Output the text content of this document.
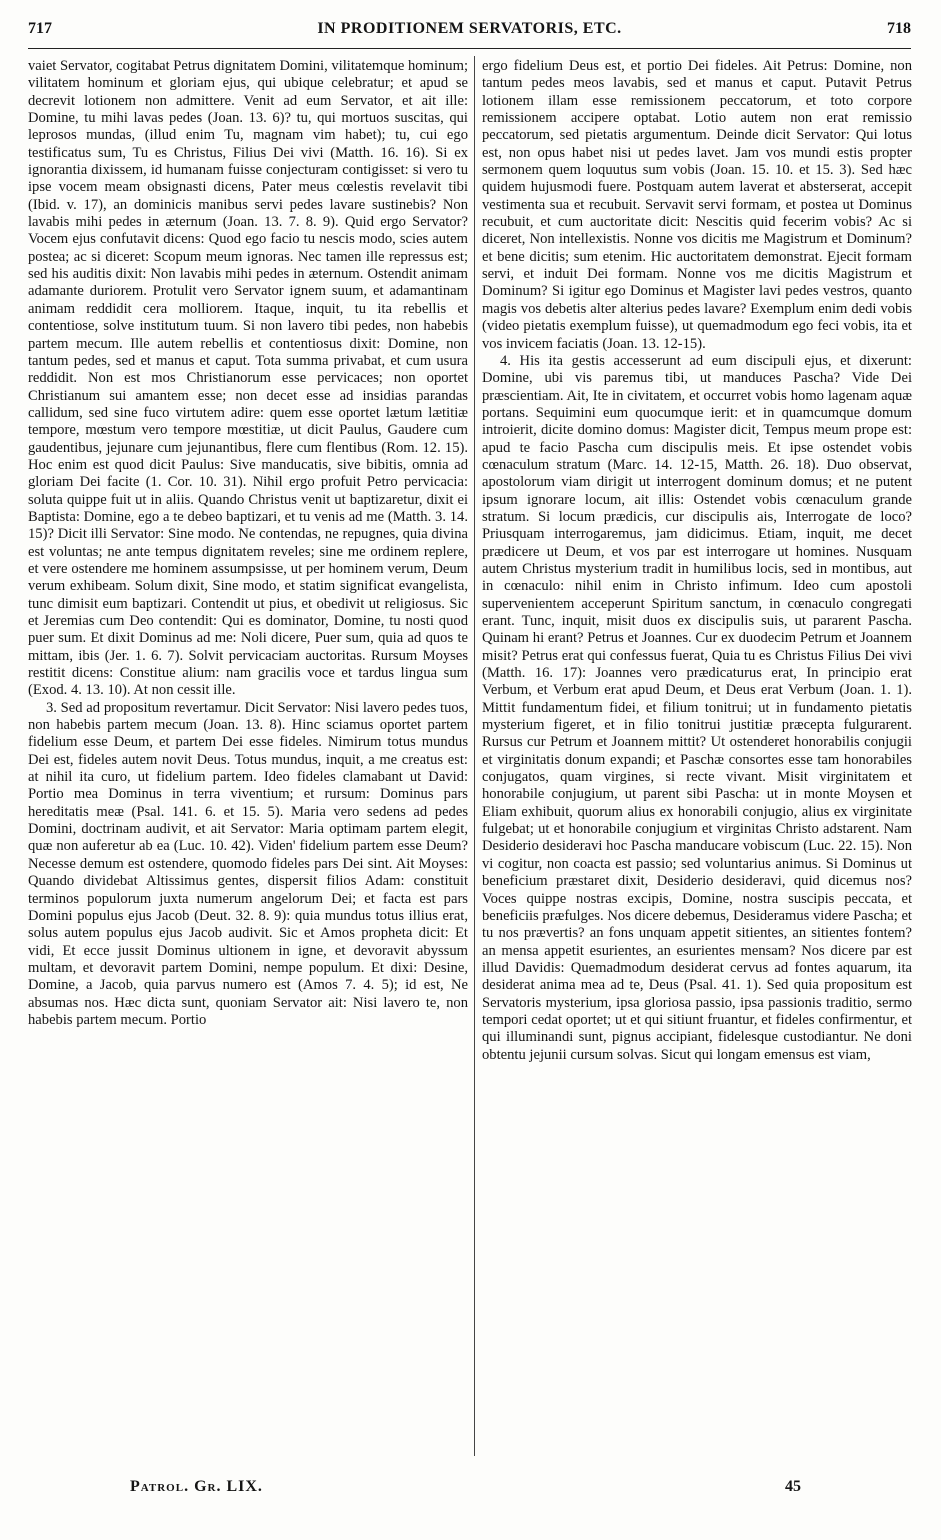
717	IN PRODITIONEM SERVATORIS, ETC.	718

vaiet Servator, cogitabat Petrus dignitatem Domini, vilitatemque hominum; vilitatem hominum et gloriam ejus, qui ubique celebratur; et apud se decrevit lotionem non admittere. Venit ad eum Servator, et ait ille: Domine, tu mihi lavas pedes (Joan. 13. 6)? tu, qui mortuos suscitas, qui leprosos mundas, (illud enim Tu, magnam vim habet); tu, cui ego testificatus sum, Tu es Christus, Filius Dei vivi (Matth. 16. 16). Si ex ignorantia dixissem, id humanam fuisse conjecturam contigisset: si vero tu ipse vocem meam obsignasti dicens, Pater meus cœlestis revelavit tibi (Ibid. v. 17), an dominicis manibus servi pedes lavare sustinebis? Non lavabis mihi pedes in æternum (Joan. 13. 7. 8. 9). Quid ergo Servator? Vocem ejus confutavit dicens: Quod ego facio tu nescis modo, scies autem postea; ac si diceret: Scopum meum ignoras. Nec tamen ille repressus est; sed his auditis dixit: Non lavabis mihi pedes in æternum. Ostendit animam adamante duriorem. Protulit vero Servator ignem suum, et adamantinam animam reddidit cera molliorem. Itaque, inquit, tu ita rebellis et contentiose, solve institutum tuum. Si non lavero tibi pedes, non habebis partem mecum. Ille autem rebellis et contentiosus dixit: Domine, non tantum pedes, sed et manus et caput. Tota summa privabat, et cum usura reddidit. Non est mos Christianorum esse pervicaces; non oportet Christianum sui amantem esse; non decet esse ad insidias parandas callidum, sed sine fuco virtutem adire: quem esse oportet lætum lætitiæ tempore, mœstum vero tempore mœstitiæ, ut dicit Paulus, Gaudere cum gaudentibus, jejunare cum jejunantibus, flere cum flentibus (Rom. 12. 15). Hoc enim est quod dicit Paulus: Sive manducatis, sive bibitis, omnia ad gloriam Dei facite (1. Cor. 10. 31). Nihil ergo profuit Petro pervicacia: soluta quippe fuit ut in aliis. Quando Christus venit ut baptizaretur, dixit ei Baptista: Domine, ego a te debeo baptizari, et tu venis ad me (Matth. 3. 14. 15)? Dicit illi Servator: Sine modo. Ne contendas, ne repugnes, quia divina est voluntas; ne ante tempus dignitatem reveles; sine me ordinem replere, et vere ostendere me hominem assumpsisse, ut per hominem verum, Deum verum exhibeam. Solum dixit, Sine modo, et statim significat evangelista, tunc dimisit eum baptizari. Contendit ut pius, et obedivit ut religiosus. Sic et Jeremias cum Deo contendit: Qui es dominator, Domine, tu nosti quod puer sum. Et dixit Dominus ad me: Noli dicere, Puer sum, quia ad quos te mittam, ibis (Jer. 1. 6. 7). Solvit pervicaciam auctoritas. Rursum Moyses restitit dicens: Constitue alium: nam gracilis voce et tardus lingua sum (Exod. 4. 13. 10). At non cessit ille.

3. Sed ad propositum revertamur. Dicit Servator: Nisi lavero pedes tuos, non habebis partem mecum (Joan. 13. 8). Hinc sciamus oportet partem fidelium esse Deum, et partem Dei esse fideles. Nimirum totus mundus Dei est, fideles autem novit Deus. Totus mundus, inquit, a me creatus est: at nihil ita curo, ut fidelium partem. Ideo fideles clamabant ut David: Portio mea Dominus in terra viventium; et rursum: Dominus pars hereditatis meæ (Psal. 141. 6. et 15. 5). Maria vero sedens ad pedes Domini, doctrinam audivit, et ait Servator: Maria optimam partem elegit, quæ non auferetur ab ea (Luc. 10. 42). Viden' fidelium partem esse Deum? Necesse demum est ostendere, quomodo fideles pars Dei sint. Ait Moyses: Quando dividebat Altissimus gentes, dispersit filios Adam: constituit terminos populorum juxta numerum angelorum Dei; et facta est pars Domini populus ejus Jacob (Deut. 32. 8. 9): quia mundus totus illius erat, solus autem populus ejus Jacob audivit. Sic et Amos propheta dicit: Et vidi, Et ecce jussit Dominus ultionem in igne, et devoravit abyssum multam, et devoravit partem Domini, nempe populum. Et dixi: Desine, Domine, a Jacob, quia parvus numero est (Amos 7. 4. 5); id est, Ne absumas nos. Hæc dicta sunt, quoniam Servator ait: Nisi lavero te, non habebis partem mecum. Portio

ergo fidelium Deus est, et portio Dei fideles. Ait Petrus: Domine, non tantum pedes meos lavabis, sed et manus et caput. Putavit Petrus lotionem illam esse remissionem peccatorum, et toto corpore remissionem accipere optabat. Lotio autem non erat remissio peccatorum, sed pietatis argumentum. Deinde dicit Servator: Qui lotus est, non opus habet nisi ut pedes lavet. Jam vos mundi estis propter sermonem quem loquutus sum vobis (Joan. 15. 10. et 15. 3). Sed hæc quidem hujusmodi fuere. Postquam autem laverat et absterserat, accepit vestimenta sua et recubuit. Servavit servi formam, et postea ut Dominus recubuit, et cum auctoritate dicit: Nescitis quid fecerim vobis? Ac si diceret, Non intellexistis. Nonne vos dicitis me Magistrum et Dominum? et bene dicitis; sum etenim. Hic auctoritatem demonstrat. Ejecit formam servi, et induit Dei formam. Nonne vos me dicitis Magistrum et Dominum? Si igitur ego Dominus et Magister lavi pedes vestros, quanto magis vos debetis alter alterius pedes lavare? Exemplum enim dedi vobis (video pietatis exemplum fuisse), ut quemadmodum ego feci vobis, ita et vos invicem faciatis (Joan. 13. 12-15).

4. His ita gestis accesserunt ad eum discipuli ejus, et dixerunt: Domine, ubi vis paremus tibi, ut manduces Pascha? Vide Dei præscientiam. Ait, Ite in civitatem, et occurret vobis homo lagenam aquæ portans. Sequimini eum quocumque ierit: et in quamcumque domum introierit, dicite domino domus: Magister dicit, Tempus meum prope est: apud te facio Pascha cum discipulis meis. Et ipse ostendet vobis cœnaculum stratum (Marc. 14. 12-15, Matth. 26. 18). Duo observat, apostolorum viam dirigit ut interrogent dominum domus; et ne putent ipsum ignorare locum, ait illis: Ostendet vobis cœnaculum grande stratum. Si locum prædicis, cur discipulis ais, Interrogate de loco? Priusquam interrogaremus, jam didicimus. Etiam, inquit, me decet prædicere ut Deum, et vos par est interrogare ut homines. Nusquam autem Christus mysterium tradit in humilibus locis, sed in montibus, aut in cœnaculo: nihil enim in Christo infimum. Ideo cum apostoli supervenientem acceperunt Spiritum sanctum, in cœnaculo congregati erant. Tunc, inquit, misit duos ex discipulis suis, ut pararent Pascha. Quinam hi erant? Petrus et Joannes. Cur ex duodecim Petrum et Joannem misit? Petrus erat qui confessus fuerat, Quia tu es Christus Filius Dei vivi (Matth. 16. 17): Joannes vero prædicaturus erat, In principio erat Verbum, et Verbum erat apud Deum, et Deus erat Verbum (Joan. 1. 1). Mittit fundamentum fidei, et filium tonitrui; ut in fundamento pietatis mysterium figeret, et in filio tonitrui justitiæ præcepta fulgurarent. Rursus cur Petrum et Joannem mittit? Ut ostenderet honorabilis conjugii et virginitatis donum expandi; et Paschæ consortes esse tam honorabiles conjugatos, quam virgines, si recte vivant. Misit virginitatem et honorabile conjugium, ut parent sibi Pascha: ut in monte Moysen et Eliam exhibuit, quorum alius ex honorabili conjugio, alius ex virginitate fulgebat; ut et honorabile conjugium et virginitas Christo adstarent. Nam Desiderio desideravi hoc Pascha manducare vobiscum (Luc. 22. 15). Non vi cogitur, non coacta est passio; sed voluntarius animus. Si Dominus ut beneficium præstaret dixit, Desiderio desideravi, quid dicemus nos? Voces quippe nostras excipis, Domine, nostra suscipis peccata, et beneficiis præfulges. Nos dicere debemus, Desideramus videre Pascha; et tu nos prævertis? an fons unquam appetit sitientes, an sitientes fontem? an mensa appetit esurientes, an esurientes mensam? Nos dicere par est illud Davidis: Quemadmodum desiderat cervus ad fontes aquarum, ita desiderat anima mea ad te, Deus (Psal. 41. 1). Sed quia propositum est Servatoris mysterium, ipsa gloriosa passio, ipsa passionis traditio, sermo tempori cedat oportet; ut et qui sitiunt fruantur, et fideles confirmentur, et qui illuminandi sunt, pignus accipiant, fidelesque custodiantur. Ne doni obtentu jejunii cursum solvas. Sicut qui longam emensus est viam,

Patrol. Gr. LIX.	45
